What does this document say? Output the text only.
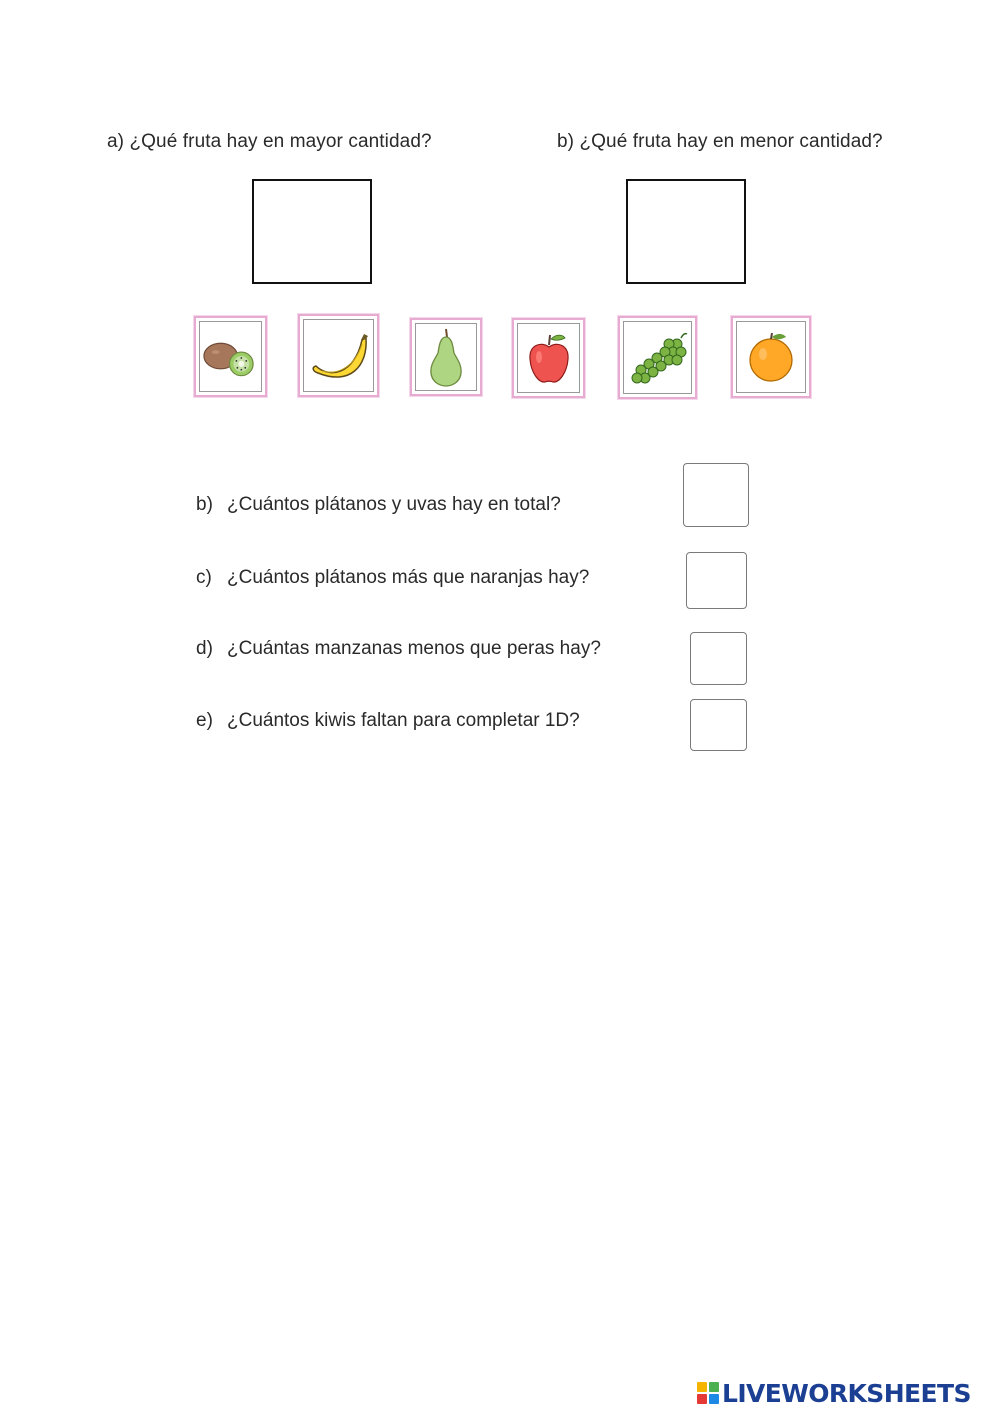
a) ¿Qué fruta hay en mayor cantidad?	b) ¿Qué fruta hay en menor cantidad?
b) ¿Cuántos plátanos y uvas hay en total?
c) ¿Cuántos plátanos más que naranjas hay?
d) ¿Cuántas manzanas menos que peras hay?
e) ¿Cuántos kiwis faltan para completar 1D?
LIVEWORKSHEETS
